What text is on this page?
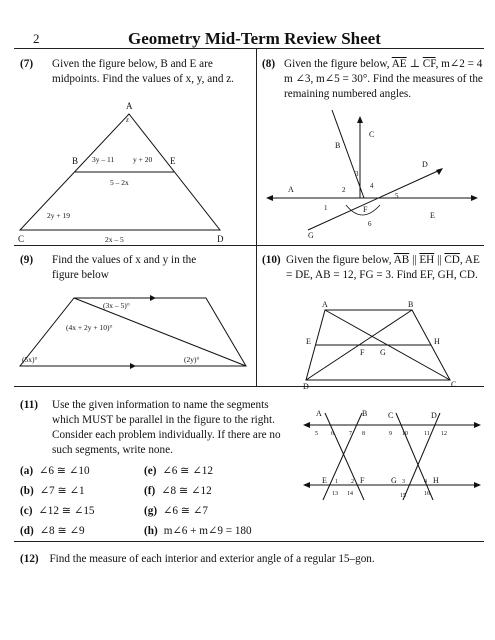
2	Geometry Mid-Term Review Sheet
(7) Given the figure below, B and E are midpoints. Find the values of x, y, and z.
A
z
B	E
3y – 11	y + 20
5 – 2x
2y + 19
2x – 5
C	D
(8) Given the figure below, $\overline{AE}$ ⊥ $\overline{CF}$, m∠2 = 4 m ∠3, m∠5 = 30°. Find the measures of the remaining numbered angles.
B
C
D
A
E
F
G
1
2
3
4
5
6
(9) Find the values of x and y in the figure below
(3x – 5)°
(4x + 2y + 10)°
(5x)°	(2y)°
(10) Given the figure below, $\overline{AB}$ || $\overline{EH}$ || $\overline{CD}$, AE = DE, AB = 12, FG = 3. Find EF, GH, CD.
A	B
E	H
F G
D	C
(11) Use the given information to name the segments which MUST be parallel in the figure to the right. Consider each problem individually. If there are no such segments, write none.
(a) ∠6 ≅ ∠10
(b) ∠7 ≅ ∠1
(c) ∠12 ≅ ∠15
(d) ∠8 ≅ ∠9
(e) ∠6 ≅ ∠12
(f) ∠8 ≅ ∠12
(g) ∠6 ≅ ∠7
(h) m∠6 + m∠9 = 180
A	B	C	D
5 6	7 8	9 10	11 12
E 1 2 F	G 3	4 H
13 14	15	16
(12) Find the measure of each interior and exterior angle of a regular 15–gon.
